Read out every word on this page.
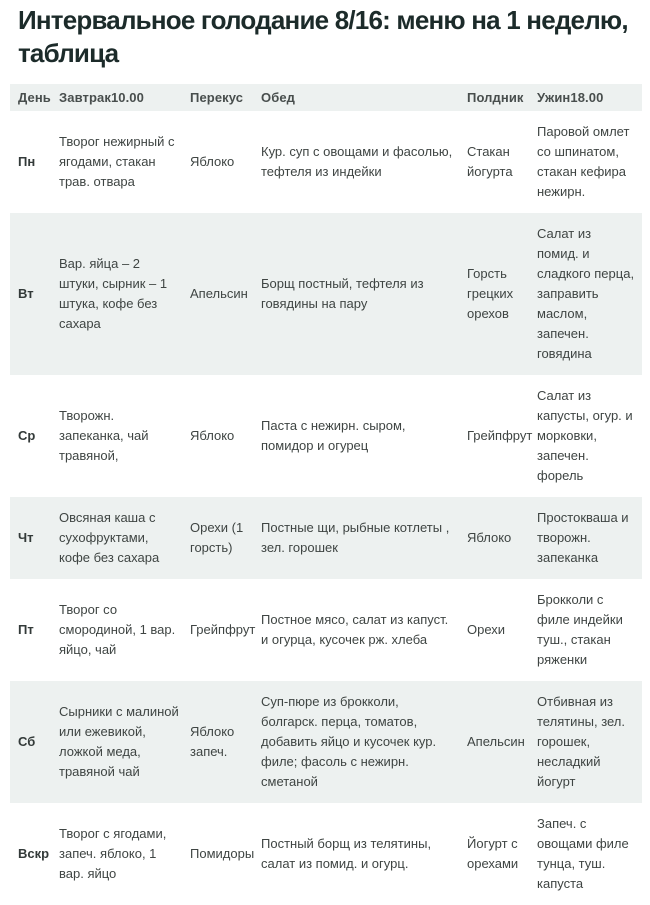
Интервальное голодание 8/16: меню на 1 неделю,
таблица
День	Завтрак10.00	Перекус	Обед	Полдник	Ужин18.00
Пн	Творог нежирный с ягодами, стакан трав. отвара	Яблоко	Кур. суп с овощами и фасолью, тефтеля из индейки	Стакан йогурта	Паровой омлет со шпинатом, стакан кефира нежирн.
Вт	Вар. яйца – 2 штуки, сырник – 1 штука, кофе без сахара	Апельсин	Борщ постный, тефтеля из говядины на пару	Горсть грецких орехов	Салат из помид. и сладкого перца, заправить маслом, запечен. говядина
Ср	Творожн. запеканка, чай травяной,	Яблоко	Паста с нежирн. сыром, помидор и огурец	Грейпфрут	Салат из капусты, огур. и морковки, запечен. форель
Чт	Овсяная каша с сухофруктами, кофе без сахара	Орехи (1 горсть)	Постные щи, рыбные котлеты , зел. горошек	Яблоко	Простокваша и творожн. запеканка
Пт	Творог со смородиной, 1 вар. яйцо, чай	Грейпфрут	Постное мясо, салат из капуст. и огурца, кусочек рж. хлеба	Орехи	Брокколи с филе индейки туш., стакан ряженки
Сб	Сырники с малиной или ежевикой, ложкой меда, травяной чай	Яблоко запеч.	Суп-пюре из брокколи, болгарск. перца, томатов, добавить яйцо и кусочек кур. филе; фасоль с нежирн. сметаной	Апельсин	Отбивная из телятины, зел. горошек, несладкий йогурт
Вскр	Творог с ягодами, запеч. яблоко, 1 вар. яйцо	Помидоры	Постный борщ из телятины, салат из помид. и огурц.	Йогурт с орехами	Запеч. с овощами филе тунца, туш. капуста
